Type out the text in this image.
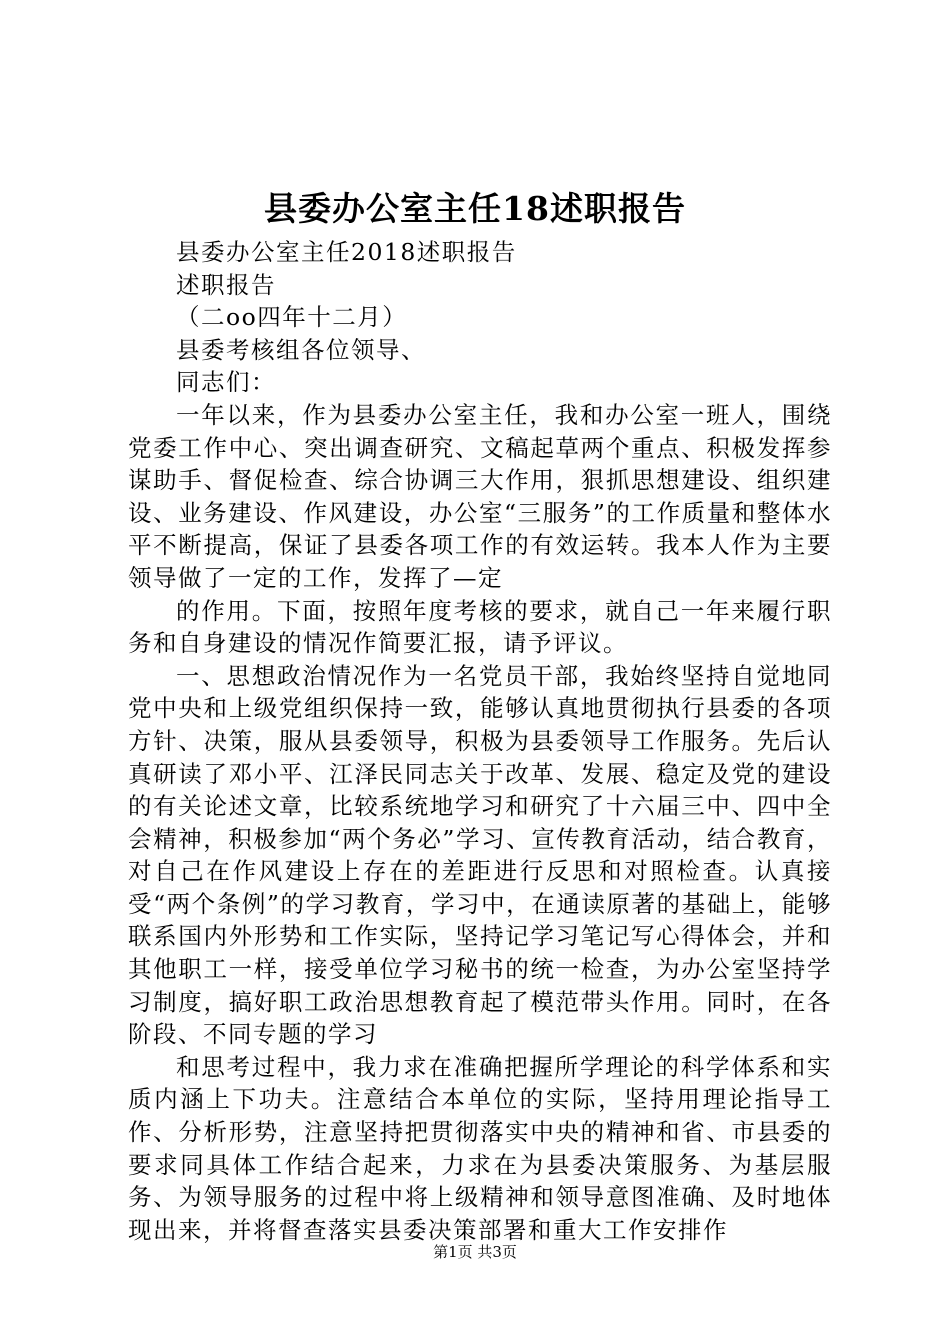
县委办公室主任18述职报告

县委办公室主任2018述职报告

述职报告

（二oo四年十二月）

县委考核组各位领导、

同志们：

一年以来，作为县委办公室主任，我和办公室一班人，围绕党委工作中心、突出调查研究、文稿起草两个重点、积极发挥参谋助手、督促检查、综合协调三大作用，狠抓思想建设、组织建设、业务建设、作风建设，办公室“三服务”的工作质量和整体水平不断提高，保证了县委各项工作的有效运转。我本人作为主要领导做了一定的工作，发挥了—定

的作用。下面，按照年度考核的要求，就自己一年来履行职务和自身建设的情况作简要汇报，请予评议。

一、思想政治情况作为一名党员干部，我始终坚持自觉地同党中央和上级党组织保持一致，能够认真地贯彻执行县委的各项方针、决策，服从县委领导，积极为县委领导工作服务。先后认真研读了邓小平、江泽民同志关于改革、发展、稳定及党的建设的有关论述文章，比较系统地学习和研究了十六届三中、四中全会精神，积极参加“两个务必”学习、宣传教育活动，结合教育，对自己在作风建设上存在的差距进行反思和对照检查。认真接受“两个条例”的学习教育，学习中，在通读原著的基础上，能够联系国内外形势和工作实际，坚持记学习笔记写心得体会，并和其他职工一样，接受单位学习秘书的统一检查，为办公室坚持学习制度，搞好职工政治思想教育起了模范带头作用。同时，在各阶段、不同专题的学习

和思考过程中，我力求在准确把握所学理论的科学体系和实质内涵上下功夫。注意结合本单位的实际，坚持用理论指导工作、分析形势，注意坚持把贯彻落实中央的精神和省、市县委的要求同具体工作结合起来，力求在为县委决策服务、为基层服务、为领导服务的过程中将上级精神和领导意图准确、及时地体现出来，并将督查落实县委决策部署和重大工作安排作

第1页 共3页
